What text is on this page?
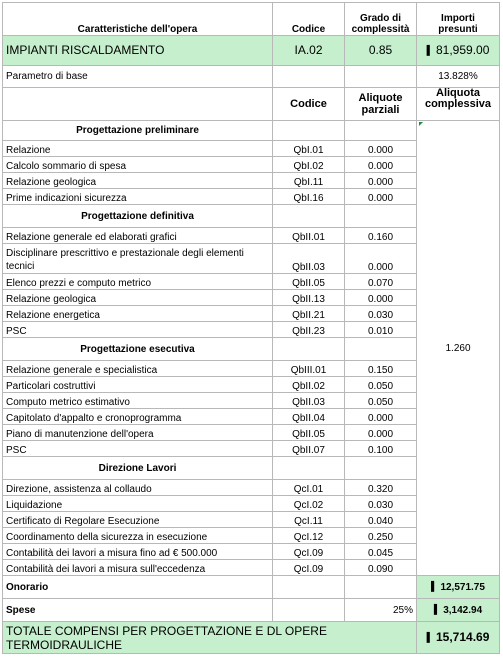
Caratteristiche dell'opera	Codice	Grado di complessità	Importi presunti	
IMPIANTI RISCALDAMENTO	IA.02	0.85	▌ 81,959.00
Parametro di base			13.828%	
	Codice	Aliquote parziali	Aliquota complessiva	
Progettazione preliminare			1.260	
Relazione	QbI.01	0.000		
Calcolo sommario di spesa	QbI.02	0.000		
Relazione geologica	QbI.11	0.000		
Prime indicazioni sicurezza	QbI.16	0.000		
Progettazione definitiva				
Relazione generale ed elaborati grafici	QbII.01	0.160		
Disciplinare prescrittivo e prestazionale degli elementi tecnici	QbII.03	0.000		
Elenco prezzi e computo metrico	QbII.05	0.070		
Relazione geologica	QbII.13	0.000		
Relazione energetica	QbII.21	0.030		
PSC	QbII.23	0.010		
Progettazione esecutiva				
Relazione generale e specialistica	QbIII.01	0.150		
Particolari costruttivi	QbII.02	0.050		
Computo metrico estimativo	QbII.03	0.050		
Capitolato d'appalto e cronoprogramma	QbII.04	0.000		
Piano di manutenzione dell'opera	QbII.05	0.000		
PSC	QbII.07	0.100		
Direzione Lavori				
Direzione, assistenza al collaudo	QcI.01	0.320		
Liquidazione	QcI.02	0.030		
Certificato di Regolare Esecuzione	QcI.11	0.040		
Coordinamento della sicurezza in esecuzione	QcI.12	0.250		
Contabilità dei lavori a misura fino ad € 500.000	QcI.09	0.045	
Contabilità dei lavori a misura sull'eccedenza	QcI.09	0.090	
Onorario			▌ 12,571.75
Spese		25%	▌ 3,142.94
TOTALE COMPENSI PER PROGETTAZIONE E DL OPERE TERMOIDRAULICHE			▌ 15,714.69
